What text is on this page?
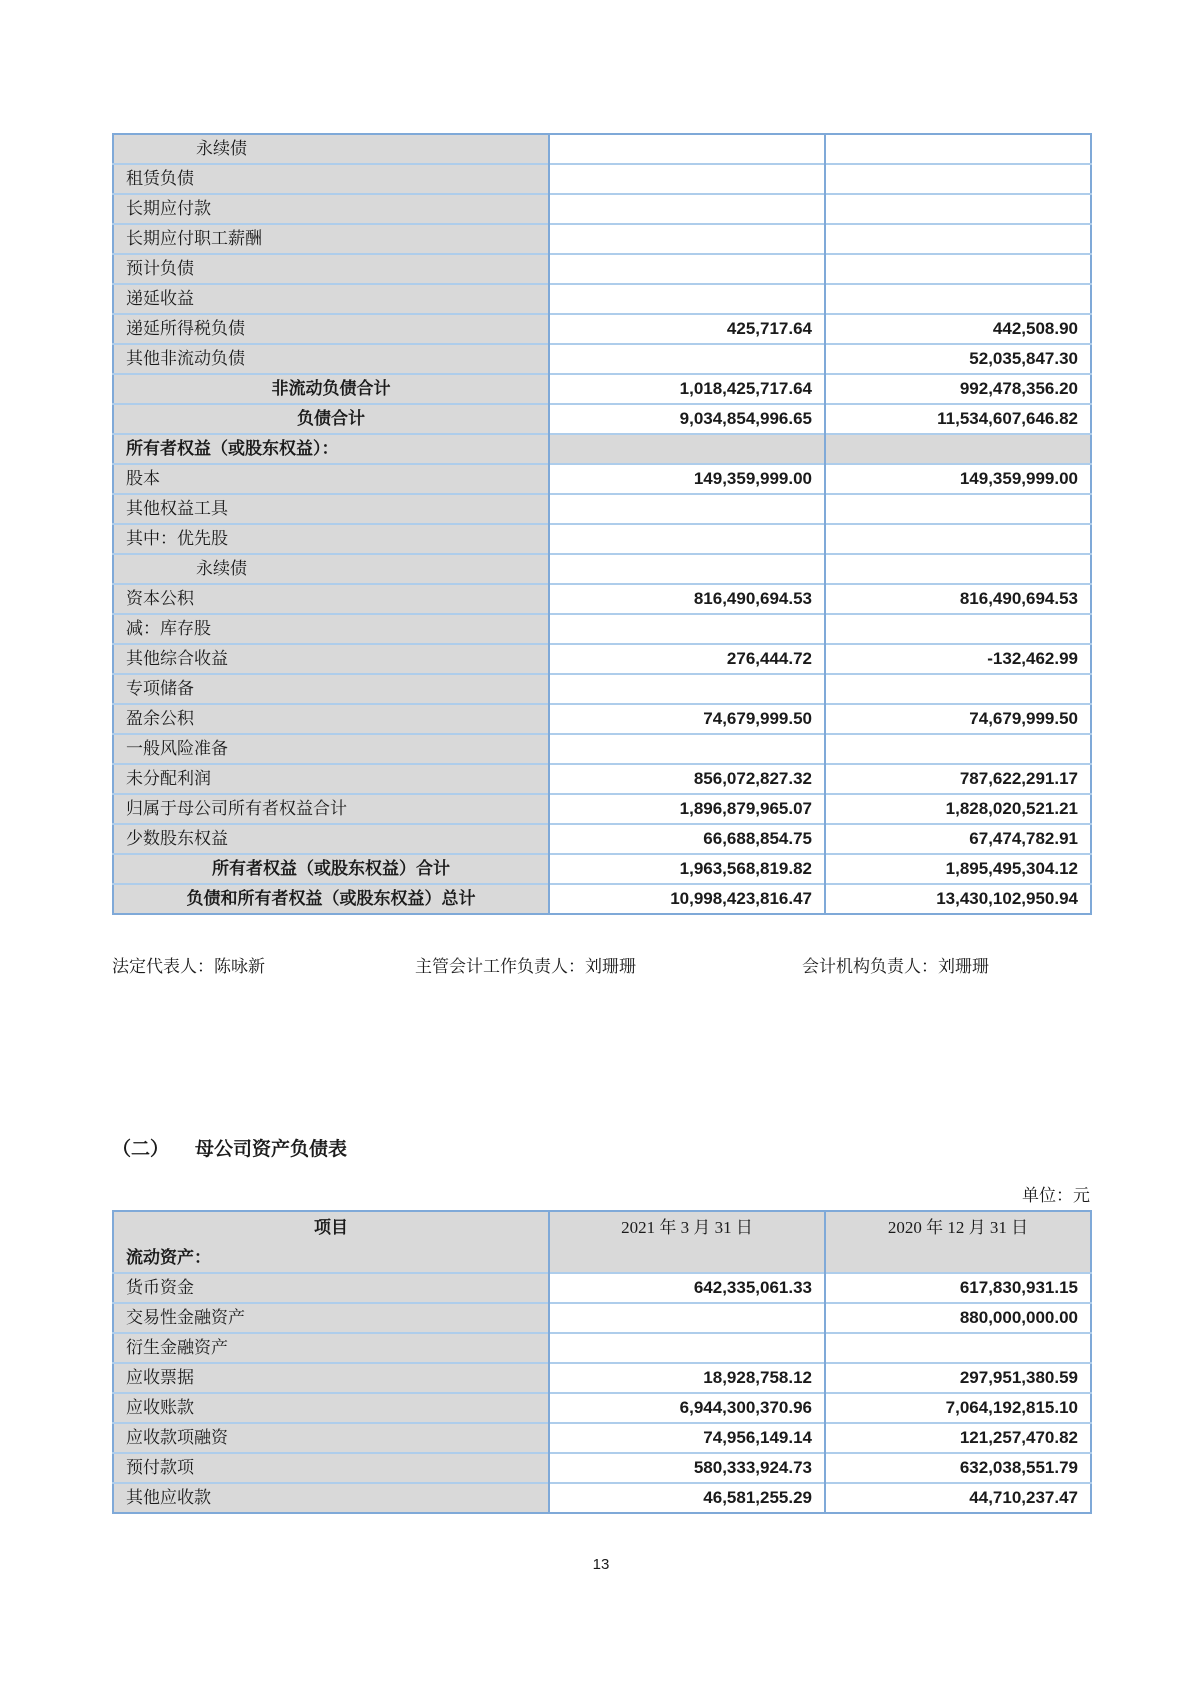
永续债		
租赁负债		
长期应付款		
长期应付职工薪酬		
预计负债		
递延收益		
递延所得税负债	425,717.64	442,508.90
其他非流动负债		52,035,847.30
非流动负债合计	1,018,425,717.64	992,478,356.20
负债合计	9,034,854,996.65	11,534,607,646.82
所有者权益（或股东权益）：		
股本	149,359,999.00	149,359,999.00
其他权益工具		
其中：优先股		
永续债		
资本公积	816,490,694.53	816,490,694.53
减：库存股		
其他综合收益	276,444.72	-132,462.99
专项储备		
盈余公积	74,679,999.50	74,679,999.50
一般风险准备		
未分配利润	856,072,827.32	787,622,291.17
归属于母公司所有者权益合计	1,896,879,965.07	1,828,020,521.21
少数股东权益	66,688,854.75	67,474,782.91
所有者权益（或股东权益）合计	1,963,568,819.82	1,895,495,304.12
负债和所有者权益（或股东权益）总计	10,998,423,816.47	13,430,102,950.94
法定代表人：陈咏新	主管会计工作负责人：刘珊珊	会计机构负责人：刘珊珊
（二） 母公司资产负债表
单位：元
项目	2021 年 3 月 31 日	2020 年 12 月 31 日
流动资产：		
货币资金	642,335,061.33	617,830,931.15
交易性金融资产		880,000,000.00
衍生金融资产		
应收票据	18,928,758.12	297,951,380.59
应收账款	6,944,300,370.96	7,064,192,815.10
应收款项融资	74,956,149.14	121,257,470.82
预付款项	580,333,924.73	632,038,551.79
其他应收款	46,581,255.29	44,710,237.47
13
